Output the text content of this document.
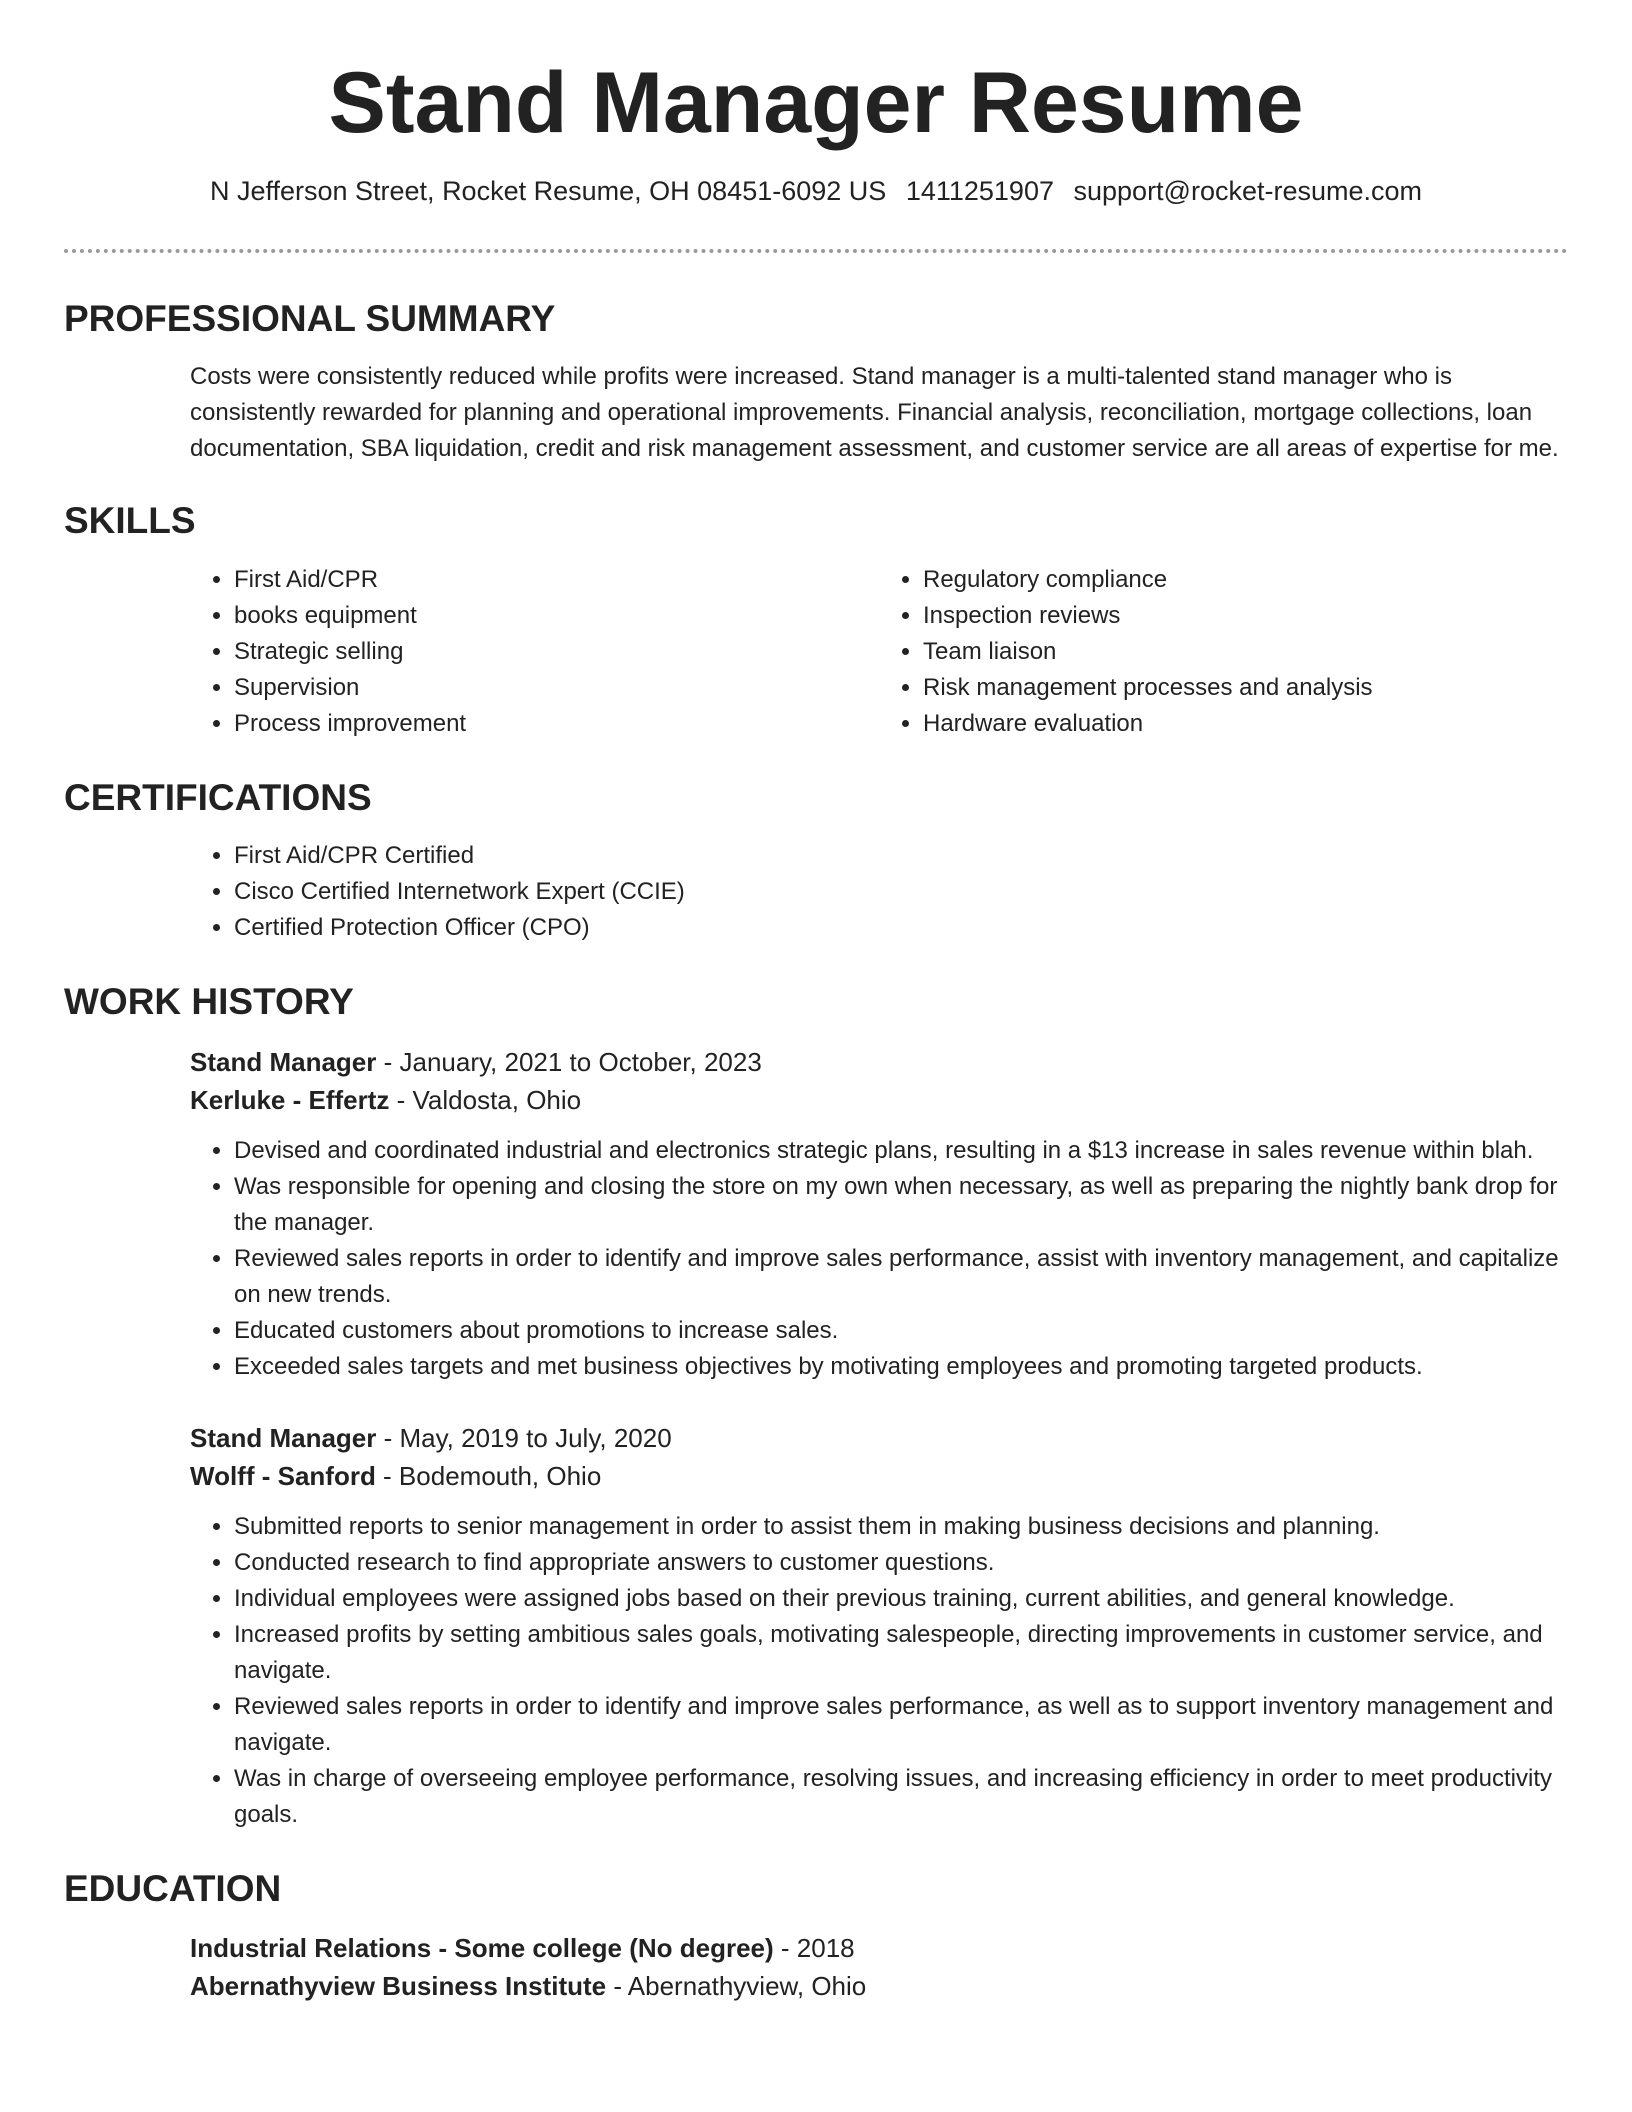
Stand Manager Resume
N Jefferson Street, Rocket Resume, OH 08451-6092 US 1411251907 support@rocket-resume.com
PROFESSIONAL SUMMARY

Costs were consistently reduced while profits were increased. Stand manager is a multi-talented stand manager who is consistently rewarded for planning and operational improvements. Financial analysis, reconciliation, mortgage collections, loan documentation, SBA liquidation, credit and risk management assessment, and customer service are all areas of expertise for me.

SKILLS
• First Aid/CPR
• books equipment
• Strategic selling
• Supervision
• Process improvement
• Regulatory compliance
• Inspection reviews
• Team liaison
• Risk management processes and analysis
• Hardware evaluation
CERTIFICATIONS
• First Aid/CPR Certified
• Cisco Certified Internetwork Expert (CCIE)
• Certified Protection Officer (CPO)
WORK HISTORY
Stand Manager - January, 2021 to October, 2023
Kerluke - Effertz - Valdosta, Ohio
• Devised and coordinated industrial and electronics strategic plans, resulting in a $13 increase in sales revenue within blah.
• Was responsible for opening and closing the store on my own when necessary, as well as preparing the nightly bank drop for the manager.
• Reviewed sales reports in order to identify and improve sales performance, assist with inventory management, and capitalize on new trends.
• Educated customers about promotions to increase sales.
• Exceeded sales targets and met business objectives by motivating employees and promoting targeted products.
Stand Manager - May, 2019 to July, 2020
Wolff - Sanford - Bodemouth, Ohio
• Submitted reports to senior management in order to assist them in making business decisions and planning.
• Conducted research to find appropriate answers to customer questions.
• Individual employees were assigned jobs based on their previous training, current abilities, and general knowledge.
• Increased profits by setting ambitious sales goals, motivating salespeople, directing improvements in customer service, and navigate.
• Reviewed sales reports in order to identify and improve sales performance, as well as to support inventory management and navigate.
• Was in charge of overseeing employee performance, resolving issues, and increasing efficiency in order to meet productivity goals.
EDUCATION
Industrial Relations - Some college (No degree) - 2018
Abernathyview Business Institute - Abernathyview, Ohio
